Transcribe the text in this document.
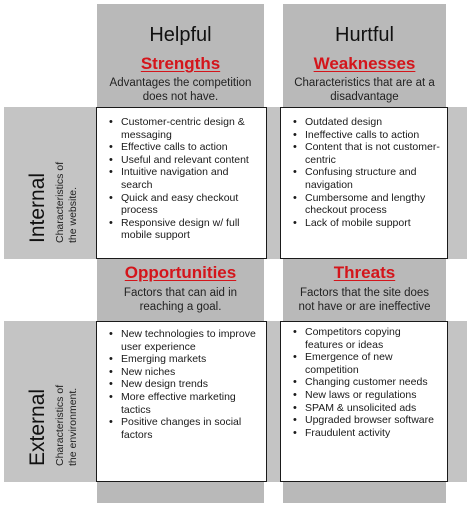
Helpful
Strengths
Advantages the competition
does not have.
Hurtful
Weaknesses
Characteristics that are at a
disadvantage
Opportunities
Factors that can aid in
reaching a goal.
Threats
Factors that the site does
not have or are ineffective
Internal Characteristics of the website.
External Characteristics of the environment.
• Customer-centric design & messaging
• Effective calls to action
• Useful and relevant content
• Intuitive navigation and search
• Quick and easy checkout process
• Responsive design w/ full mobile support
• Outdated design
• Ineffective calls to action
• Content that is not customer-centric
• Confusing structure and navigation
• Cumbersome and lengthy checkout process
• Lack of mobile support
• New technologies to improve user experience
• Emerging markets
• New niches
• New design trends
• More effective marketing tactics
• Positive changes in social factors
• Competitors copying features or ideas
• Emergence of new competition
• Changing customer needs
• New laws or regulations
• SPAM & unsolicited ads
• Upgraded browser software
• Fraudulent activity
